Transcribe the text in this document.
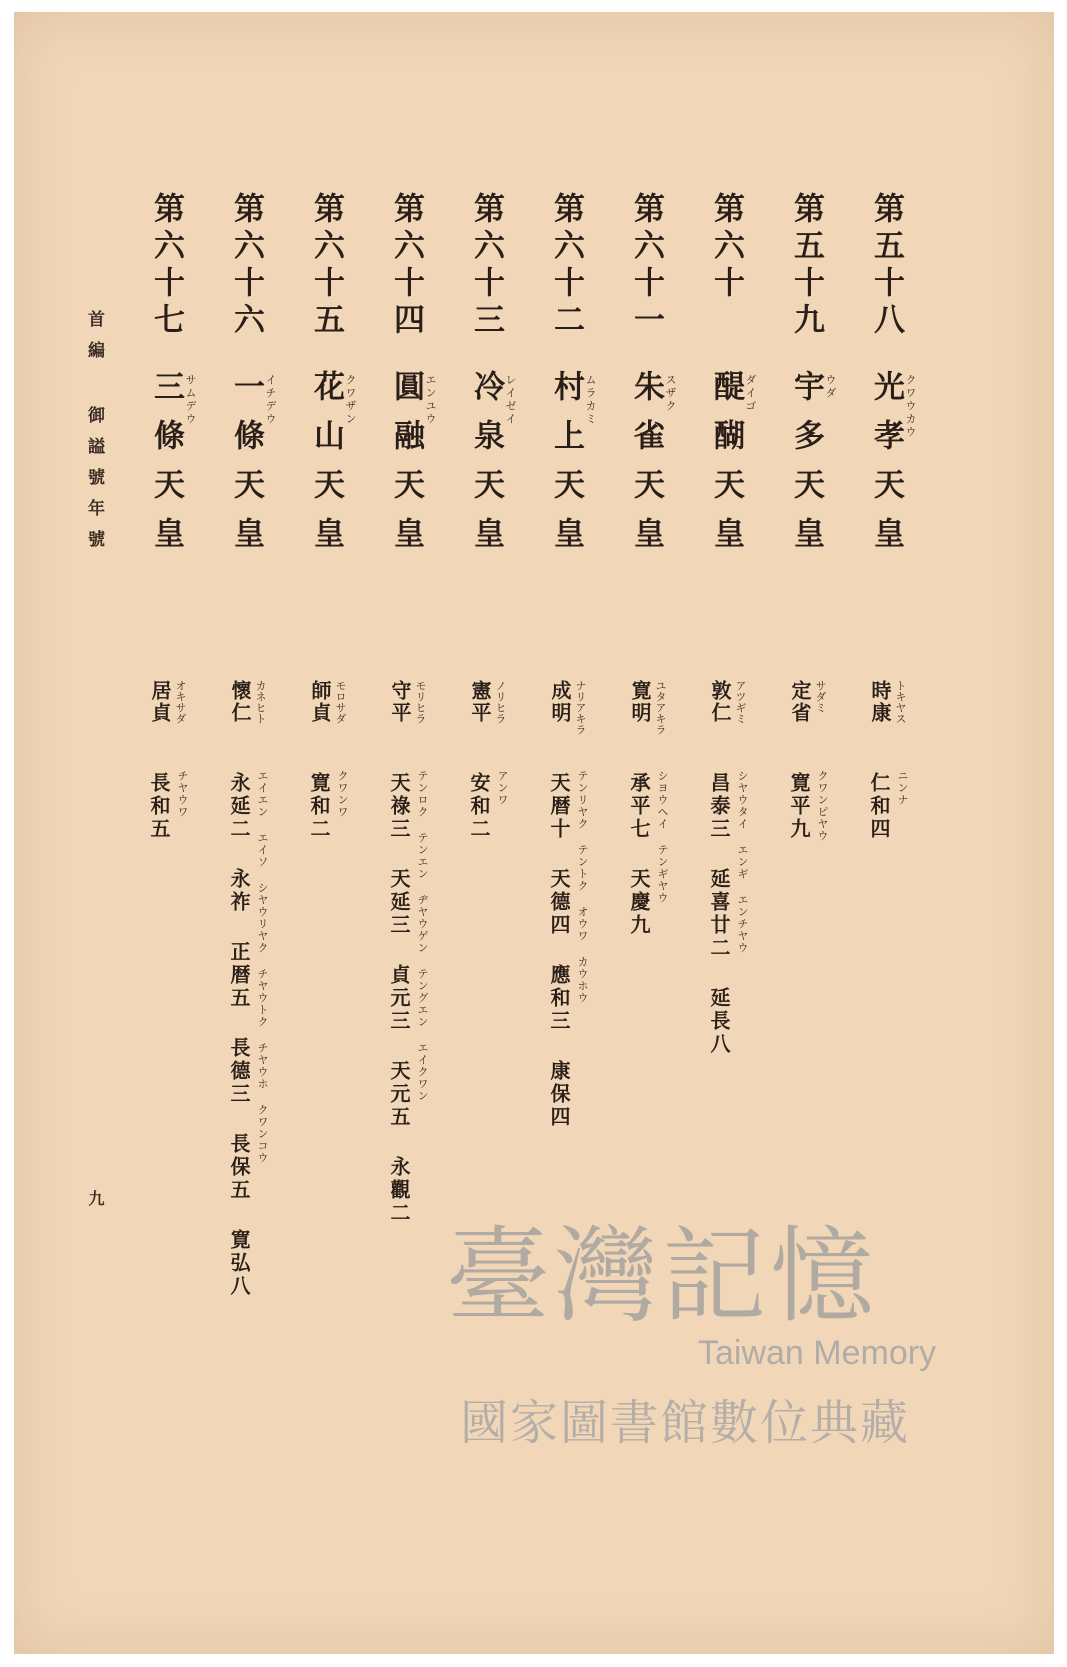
首編 御謚號年號
九
第五十八
光孝天皇 クワウカウ
時康 トキヤス
仁和四 ニンナ
第五十九
宇多天皇 ウダ
定省 サダミ
寛平九 クワンピヤウ
第六十
醍醐天皇 ダイゴ
敦仁 アツギミ
昌泰三 延喜廿二 延長八 シヤウタイ エンギ エンチヤウ
第六十一
朱雀天皇 スザク
寛明 ユタアキラ
承平七 天慶九 シヨウヘイ テンギヤウ
第六十二
村上天皇 ムラカミ
成明 ナリアキラ
天暦十 天德四 應和三 康保四 テンリヤク テントク オウワ カウホウ
第六十三
冷泉天皇 レイゼイ
憲平 ノリヒラ
安和二 アンワ
第六十四
圓融天皇 エンユウ
守平 モリヒラ
天祿三 天延三 貞元三 天元五 永觀二 テンロク テンエン ヂヤウゲン テングエン エイクワン
第六十五
花山天皇 クワザン
師貞 モロサダ
寛和二 クワンワ
第六十六
一條天皇 イチデウ
懷仁 カネヒト
永延二 永祚 正暦五 長德三 長保五 寛弘八 エイエン エイソ シヤウリヤク チヤウトク チヤウホ クワンコウ
第六十七
三條天皇 サムデウ
居貞 オキサダ
長和五 チヤウワ
臺灣記憶
Taiwan Memory
國家圖書館數位典藏
